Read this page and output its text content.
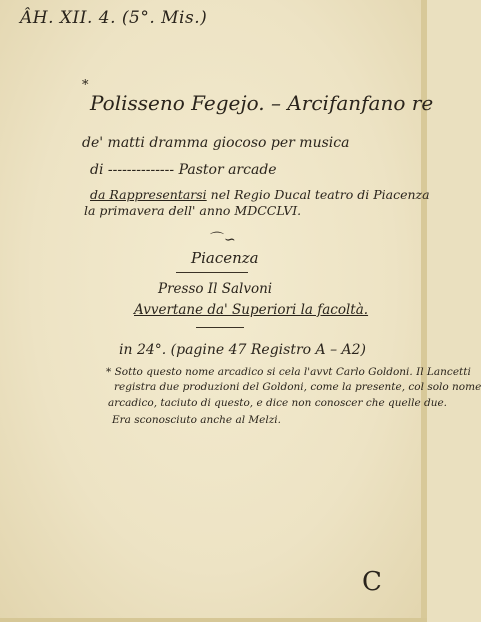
ÂH. XII. 4. (5°. Mis.)
*
Polisseno Fegejo. – Arcifanfano re
de' matti dramma giocoso per musica
di -------------- Pastor arcade
da Rappresentarsi nel Regio Ducal teatro di Piacenza
la primavera dell' anno MDCCLVI.
⌒∽
Piacenza
Presso Il Salvoni
Avvertane da' Superiori la facoltà.
in 24°. (pagine 47 Registro A – A2)
* Sotto questo nome arcadico si cela l'avvt Carlo Goldoni. Il Lancetti
registra due produzioni del Goldoni, come la presente, col solo nome
arcadico, taciuto di questo, e dice non conoscer che quelle due.
Era sconosciuto anche al Melzi.
C
